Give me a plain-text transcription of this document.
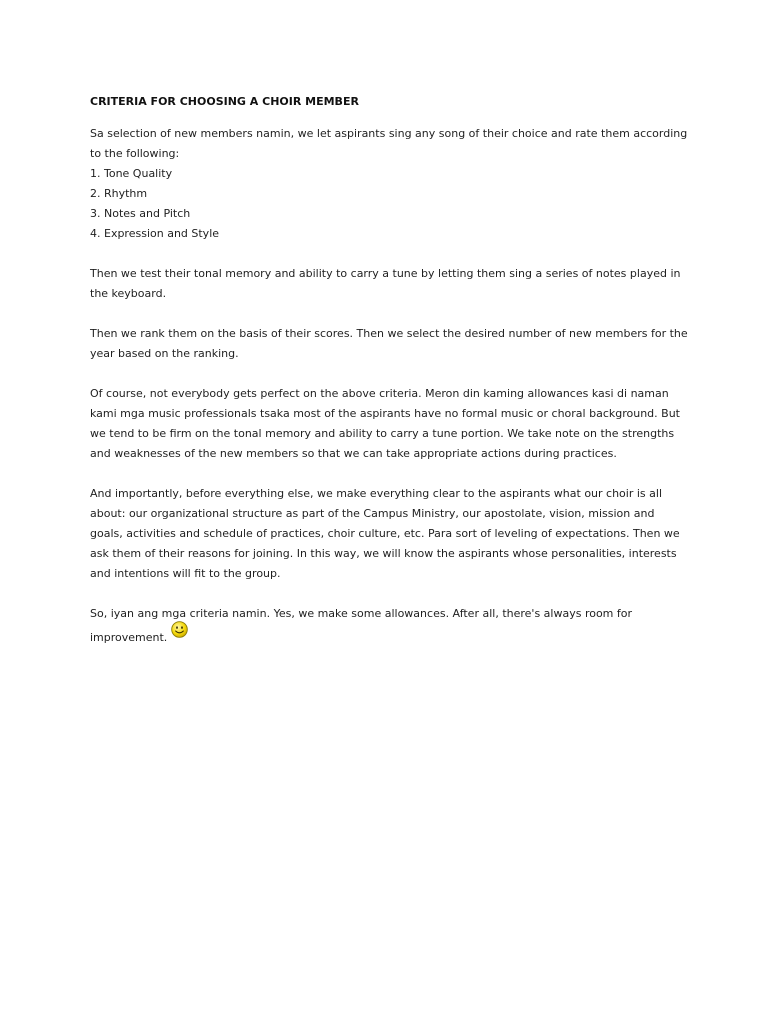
CRITERIA FOR CHOOSING A CHOIR MEMBER
Sa selection of new members namin, we let aspirants sing any song of their choice and rate them according
to the following:
1. Tone Quality
2. Rhythm
3. Notes and Pitch
4. Expression and Style

Then we test their tonal memory and ability to carry a tune by letting them sing a series of notes played in
the keyboard.

Then we rank them on the basis of their scores. Then we select the desired number of new members for the
year based on the ranking.

Of course, not everybody gets perfect on the above criteria. Meron din kaming allowances kasi di naman
kami mga music professionals tsaka most of the aspirants have no formal music or choral background. But
we tend to be firm on the tonal memory and ability to carry a tune portion. We take note on the strengths
and weaknesses of the new members so that we can take appropriate actions during practices.

And importantly, before everything else, we make everything clear to the aspirants what our choir is all
about: our organizational structure as part of the Campus Ministry, our apostolate, vision, mission and
goals, activities and schedule of practices, choir culture, etc. Para sort of leveling of expectations. Then we
ask them of their reasons for joining. In this way, we will know the aspirants whose personalities, interests
and intentions will fit to the group.

So, iyan ang mga criteria namin. Yes, we make some allowances. After all, there's always room for
improvement.
